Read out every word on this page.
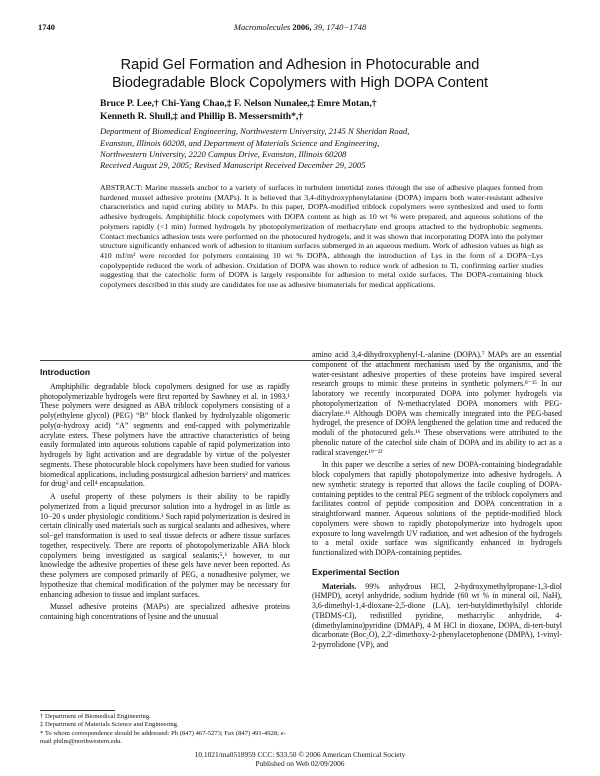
1740	Macromolecules 2006, 39, 1740−1748
Rapid Gel Formation and Adhesion in Photocurable and
Biodegradable Block Copolymers with High DOPA Content
Bruce P. Lee,† Chi-Yang Chao,‡ F. Nelson Nunalee,‡ Emre Motan,†
Kenneth R. Shull,‡ and Phillip B. Messersmith*,†
Department of Biomedical Engineering, Northwestern University, 2145 N Sheridan Road,
Evanston, Illinois 60208, and Department of Materials Science and Engineering,
Northwestern University, 2220 Campus Drive, Evanston, Illinois 60208
Received August 29, 2005; Revised Manuscript Received December 29, 2005
ABSTRACT: Marine mussels anchor to a variety of surfaces in turbulent intertidal zones through the use of adhesive plaques formed from hardened mussel adhesive proteins (MAPs). It is believed that 3,4-dihydroxyphenylalanine (DOPA) imparts both water-resistant adhesive characteristics and rapid curing ability to MAPs. In this paper, DOPA-modified triblock copolymers were synthesized and used to form adhesive hydrogels. Amphiphilic block copolymers with DOPA content as high as 10 wt % were prepared, and aqueous solutions of the polymers rapidly (<1 min) formed hydrogels by photopolymerization of methacrylate end groups attached to the hydrophobic segments. Contact mechanics adhesion tests were performed on the photocured hydrogels, and it was shown that incorporating DOPA into the polymer structure significantly enhanced work of adhesion to titanium surfaces submerged in an aqueous medium. Work of adhesion values as high as 410 mJ/m² were recorded for polymers containing 10 wt % DOPA, although the introduction of Lys in the form of a DOPA−Lys copolypeptide reduced the work of adhesion. Oxidation of DOPA was shown to reduce work of adhesion to Ti, confirming earlier studies suggesting that the catecholic form of DOPA is largely responsible for adhesion to metal oxide surfaces. The DOPA-containing block copolymers described in this study are candidates for use as adhesive biomaterials for medical applications.
Introduction

Amphiphilic degradable block copolymers designed for use as rapidly photopolymerizable hydrogels were first reported by Sawhney et al. in 1993.¹ These polymers were designed as ABA triblock copolymers consisting of a poly(ethylene glycol) (PEG) “B” block flanked by hydrolyzable oligomeric poly(α-hydroxy acid) “A” segments and end-capped with polymerizable acrylate esters. These polymers have the attractive characteristics of being easily formulated into aqueous solutions capable of rapid polymerization into hydrogels by light activation and are degradable by virtue of the polyester segments. These photocurable block copolymers have been studied for various biomedical applications, including postsurgical adhesion barriers² and matrices for drug³ and cell⁴ encapsulation.

A useful property of these polymers is their ability to be rapidly polymerized from a liquid precursor solution into a hydrogel in as little as 10−20 s under physiologic conditions.¹ Such rapid polymerization is desired in certain clinically used materials such as surgical sealants and adhesives, where sol−gel transformation is used to seal tissue defects or adhere tissue surfaces together, respectively. There are reports of photopolymerizable ABA block copolymers being investigated as surgical sealants;⁵,⁶ however, to our knowledge the adhesive properties of these gels have never been reported. As these polymers are composed primarily of PEG, a nonadhesive polymer, we hypothesize that chemical modification of the polymer may be necessary for enhancing adhesion to tissue and implant surfaces.

Mussel adhesive proteins (MAPs) are specialized adhesive proteins containing high concentrations of lysine and the unusual

† Department of Biomedical Engineering.
‡ Department of Materials Science and Engineering.
* To whom correspondence should be addressed: Ph (847) 467-5273; Fax (847) 491-4928; e-mail philm@northwestern.edu.

amino acid 3,4-dihydroxyphenyl-L-alanine (DOPA).⁷ MAPs are an essential component of the attachment mechanism used by the organisms, and the water-resistant adhesive properties of these proteins have inspired several research groups to mimic these proteins in synthetic polymers.⁸⁻¹⁵ In our laboratory we recently incorporated DOPA into polymer hydrogels via photopolymerization of N-methacrylated DOPA monomers with PEG-diacrylate.¹⁶ Although DOPA was chemically integrated into the PEG-based hydrogel, the presence of DOPA lengthened the gelation time and reduced the moduli of the photocured gels.¹⁶ These observations were attributed to the phenolic nature of the catechol side chain of DOPA and its ability to act as a radical scavenger.¹⁹⁻²²

In this paper we describe a series of new DOPA-containing biodegradable block copolymers that rapidly photopolymerize into adhesive hydrogels. A new synthetic strategy is reported that allows the facile coupling of DOPA-containing peptides to the central PEG segment of the triblock copolymers and facilitates control of peptide composition and DOPA concentration in a straightforward manner. Aqueous solutions of the peptide-modified block copolymers were shown to rapidly photopolymerize into hydrogels upon exposure to long wavelength UV radiation, and wet adhesion of the hydrogels to a metal oxide surface was significantly enhanced in hydrogels functionalized with DOPA-containing peptides.

Experimental Section

Materials. 99% anhydrous HCl, 2-hydroxymethylpropane-1,3-diol (HMPD), acetyl anhydride, sodium hydride (60 wt % in mineral oil, NaH), 3,6-dimethyl-1,4-dioxane-2,5-dione (LA), tert-butyldimethylsilyl chloride (TBDMS-Cl), redistilled pyridine, methacrylic anhydride, 4-(dimethylamino)pyridine (DMAP), 4 M HCl in dioxane, DOPA, di-tert-butyl dicarbonate (Boc₂O), 2,2′-dimethoxy-2-phenylacetophenone (DMPA), 1-vinyl-2-pyrrolidone (VP), and

10.1021/ma051895​9 CCC: $33.50 © 2006 American Chemical Society
Published on Web 02/09/2006
